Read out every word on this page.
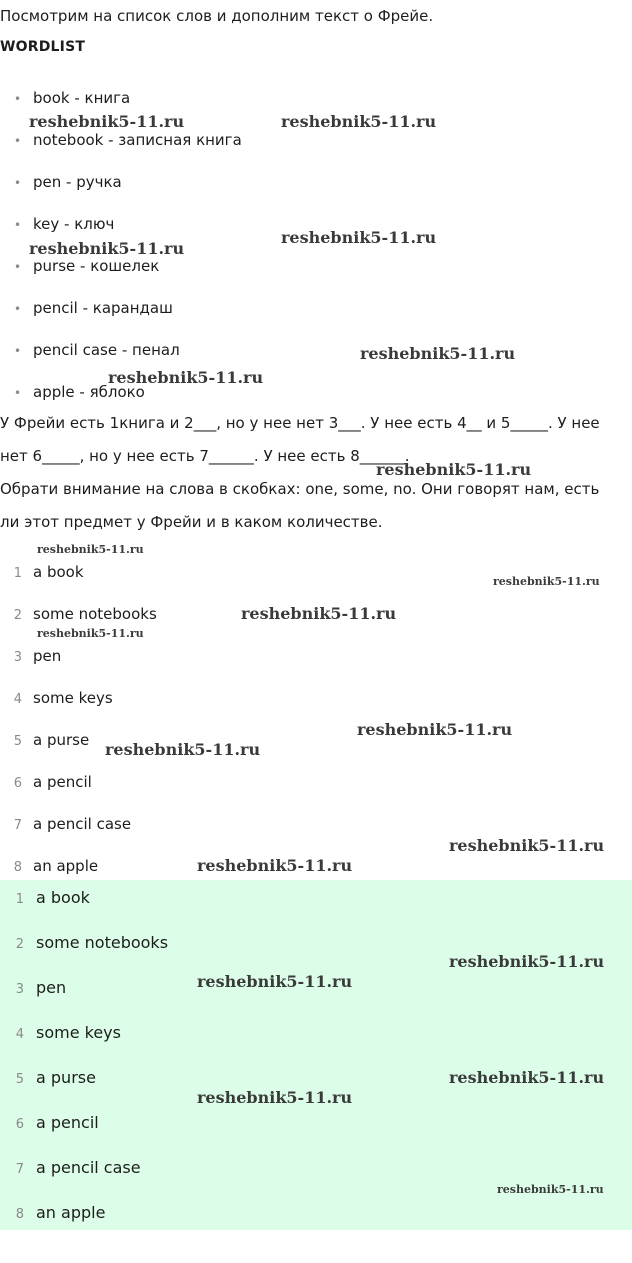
Посмотрим на список слов и дополним текст о Фрейе.
WORDLIST
• book - книга
• notebook - записная книга
• pen - ручка
• key - ключ
• purse - кошелек
• pencil - карандаш
• pencil case - пенал
• apple - яблоко
У Фрейи есть 1книга и 2___, но у нее нет 3___. У нее есть 4__ и 5_____. У нее нет 6_____, но у нее есть 7______. У нее есть 8______.
Обрати внимание на слова в скобках: one, some, no. Они говорят нам, есть ли этот предмет у Фрейи и в каком количестве.
1 a book
2 some notebooks
3 pen
4 some keys
5 a purse
6 a pencil
7 a pencil case
8 an apple
1 a book
2 some notebooks
3 pen
4 some keys
5 a purse
6 a pencil
7 a pencil case
8 an apple
reshebnik5-11.ru	reshebnik5-11.ru
reshebnik5-11.ru
reshebnik5-11.ru
reshebnik5-11.ru
reshebnik5-11.ru
reshebnik5-11.ru
reshebnik5-11.ru
reshebnik5-11.ru
reshebnik5-11.ru
reshebnik5-11.ru
reshebnik5-11.ru
reshebnik5-11.ru
reshebnik5-11.ru
reshebnik5-11.ru
reshebnik5-11.ru
reshebnik5-11.ru
reshebnik5-11.ru
reshebnik5-11.ru
reshebnik5-11.ru
